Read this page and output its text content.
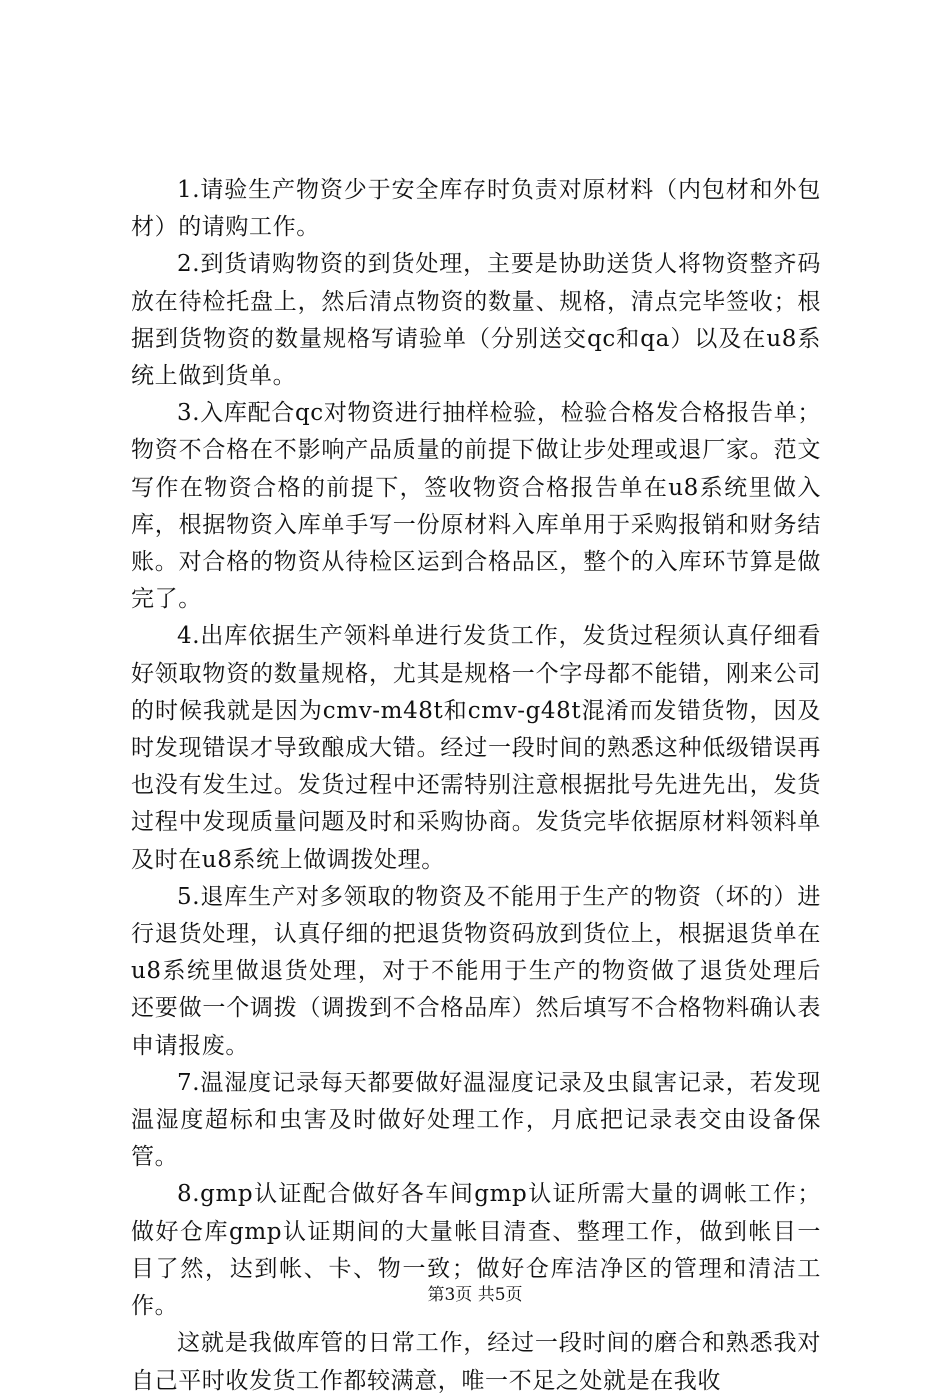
1.请验生产物资少于安全库存时负责对原材料（内包材和外包材）的请购工作。

2.到货请购物资的到货处理，主要是协助送货人将物资整齐码放在待检托盘上，然后清点物资的数量、规格，清点完毕签收；根据到货物资的数量规格写请验单（分别送交qc和qa）以及在u8系统上做到货单。

3.入库配合qc对物资进行抽样检验，检验合格发合格报告单；物资不合格在不影响产品质量的前提下做让步处理或退厂家。范文写作在物资合格的前提下，签收物资合格报告单在u8系统里做入库，根据物资入库单手写一份原材料入库单用于采购报销和财务结账。对合格的物资从待检区运到合格品区，整个的入库环节算是做完了。

4.出库依据生产领料单进行发货工作，发货过程须认真仔细看好领取物资的数量规格，尤其是规格一个字母都不能错，刚来公司的时候我就是因为cmv-m48t和cmv-g48t混淆而发错货物，因及时发现错误才导致酿成大错。经过一段时间的熟悉这种低级错误再也没有发生过。发货过程中还需特别注意根据批号先进先出，发货过程中发现质量问题及时和采购协商。发货完毕依据原材料领料单及时在u8系统上做调拨处理。

5.退库生产对多领取的物资及不能用于生产的物资（坏的）进行退货处理，认真仔细的把退货物资码放到货位上，根据退货单在u8系统里做退货处理，对于不能用于生产的物资做了退货处理后还要做一个调拨（调拨到不合格品库）然后填写不合格物料确认表申请报废。

7.温湿度记录每天都要做好温湿度记录及虫鼠害记录，若发现温湿度超标和虫害及时做好处理工作，月底把记录表交由设备保管。

8.gmp认证配合做好各车间gmp认证所需大量的调帐工作；做好仓库gmp认证期间的大量帐目清查、整理工作，做到帐目一目了然，达到帐、卡、物一致；做好仓库洁净区的管理和清洁工作。

这就是我做库管的日常工作，经过一段时间的磨合和熟悉我对自己平时收发货工作都较满意，唯一不足之处就是在我收

第3页 共5页
